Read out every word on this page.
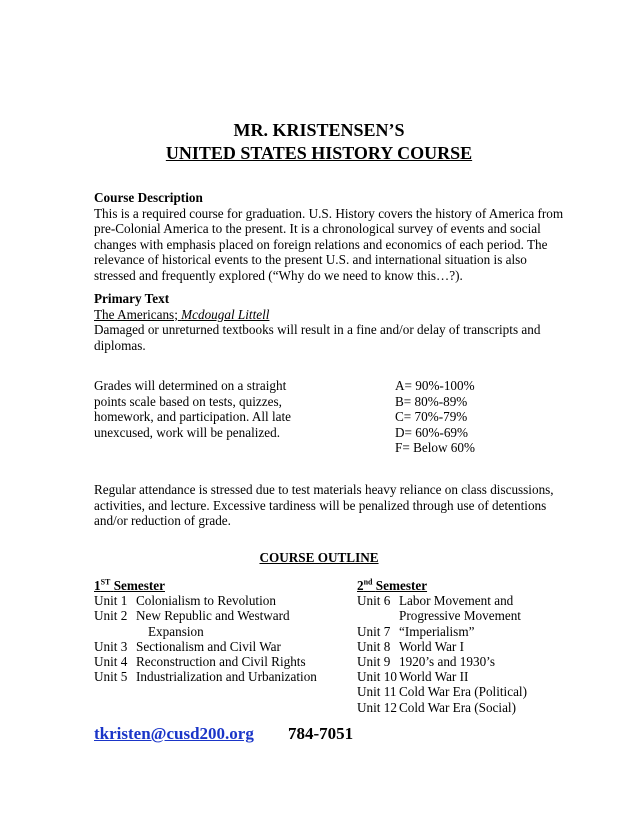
MR. KRISTENSEN’S
UNITED STATES HISTORY COURSE
Course Description
This is a required course for graduation. U.S. History covers the history of America from
pre-Colonial America to the present. It is a chronological survey of events and social
changes with emphasis placed on foreign relations and economics of each period. The
relevance of historical events to the present U.S. and international situation is also
stressed and frequently explored (“Why do we need to know this…?).
Primary Text
The Americans; Mcdougal Littell
Damaged or unreturned textbooks will result in a fine and/or delay of transcripts and
diplomas.
Grades will determined on a straight
points scale based on tests, quizzes,
homework, and participation. All late
unexcused, work will be penalized.
A= 90%-100%
B= 80%-89%
C= 70%-79%
D= 60%-69%
F= Below 60%
Regular attendance is stressed due to test materials heavy reliance on class discussions,
activities, and lecture. Excessive tardiness will be penalized through use of detentions
and/or reduction of grade.
COURSE OUTLINE
1ST Semester
Unit 1 Colonialism to Revolution
Unit 2 New Republic and Westward
Expansion
Unit 3 Sectionalism and Civil War
Unit 4 Reconstruction and Civil Rights
Unit 5 Industrialization and Urbanization
2nd Semester
Unit 6 Labor Movement and
Progressive Movement
Unit 7 “Imperialism”
Unit 8 World War I
Unit 9 1920’s and 1930’s
Unit 10 World War II
Unit 11 Cold War Era (Political)
Unit 12 Cold War Era (Social)
tkristen@cusd200.org 784-7051
